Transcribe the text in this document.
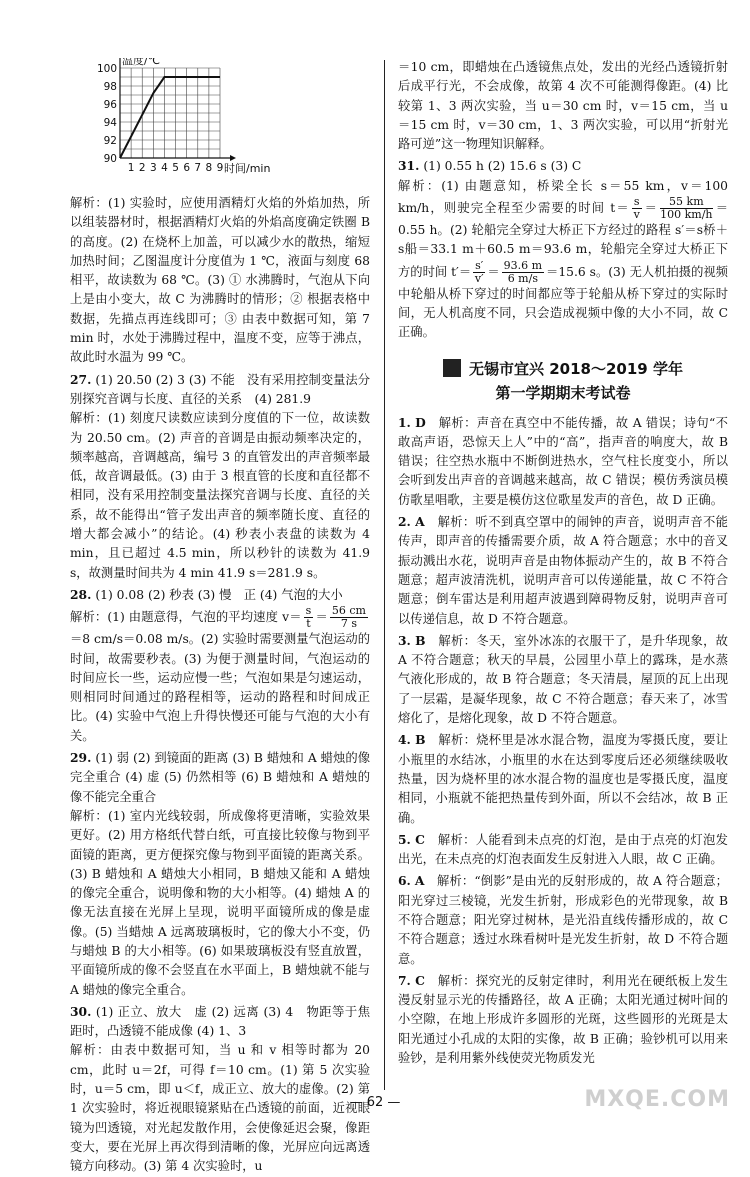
90
92
94
96
98
100
1 2 3 4 5 6 7 8 9
温度/℃
时间/min

解析：(1) 实验时，应使用酒精灯火焰的外焰加热，所以组装器材时，根据酒精灯火焰的外焰高度确定铁圈 B 的高度。(2) 在烧杯上加盖，可以减少水的散热，缩短加热时间；乙图温度计分度值为 1 ℃，液面与刻度 68 相平，故读数为 68 ℃。(3) ① 水沸腾时，气泡从下向上是由小变大，故 C 为沸腾时的情形；② 根据表格中数据，先描点再连线即可；③ 由表中数据可知，第 7 min 时，水处于沸腾过程中，温度不变，应等于沸点，故此时水温为 99 ℃。

27. (1) 20.50 (2) 3 (3) 不能　没有采用控制变量法分别探究音调与长度、直径的关系　(4) 281.9

解析：(1) 刻度尺读数应读到分度值的下一位，故读数为 20.50 cm。(2) 声音的音调是由振动频率决定的，频率越高，音调越高，编号 3 的直管发出的声音频率最低，故音调最低。(3) 由于 3 根直管的长度和直径都不相同，没有采用控制变量法探究音调与长度、直径的关系，故不能得出“管子发出声音的频率随长度、直径的增大都会减小”的结论。(4) 秒表小表盘的读数为 4 min，且已超过 4.5 min，所以秒针的读数为 41.9 s，故测量时间共为 4 min 41.9 s＝281.9 s。

28. (1) 0.08 (2) 秒表 (3) 慢　正 (4) 气泡的大小

解析：(1) 由题意得，气泡的平均速度 $v= \frac{s}{t} = \frac{56 cm}{7 s}$
＝8 cm/s＝0.08 m/s。(2) 实验时需要测量气泡运动的时间，故需要秒表。(3) 为便于测量时间，气泡运动的时间应长一些，运动应慢一些；气泡如果是匀速运动，则相同时间通过的路程相等，运动的路程和时间成正比。(4) 实验中气泡上升得快慢还可能与气泡的大小有关。

29. (1) 弱 (2) 到镜面的距离 (3) B 蜡烛和 A 蜡烛的像完全重合 (4) 虚 (5) 仍然相等 (6) B 蜡烛和 A 蜡烛的像不能完全重合

解析：(1) 室内光线较弱，所成像将更清晰，实验效果更好。(2) 用方格纸代替白纸，可直接比较像与物到平面镜的距离，更方便探究像与物到平面镜的距离关系。(3) B 蜡烛和 A 蜡烛大小相同，B 蜡烛又能和 A 蜡烛的像完全重合，说明像和物的大小相等。(4) 蜡烛 A 的像无法直接在光屏上呈现，说明平面镜所成的像是虚像。(5) 当蜡烛 A 远离玻璃板时，它的像大小不变，仍与蜡烛 B 的大小相等。(6) 如果玻璃板没有竖直放置，平面镜所成的像不会竖直在水平面上，B 蜡烛就不能与 A 蜡烛的像完全重合。

30. (1) 正立、放大　虚 (2) 远离 (3) 4　物距等于焦距时，凸透镜不能成像 (4) 1、3

解析：由表中数据可知，当 u 和 v 相等时都为 20 cm，此时 u＝2f，可得 f＝10 cm。(1) 第 5 次实验时，u＝5 cm，即 u＜f，成正立、放大的虚像。(2) 第 1 次实验时，将近视眼镜紧贴在凸透镜的前面，近视眼镜为凹透镜，对光起发散作用，会使像延迟会聚，像距变大，要在光屏上再次得到清晰的像，光屏应向远离透镜方向移动。(3) 第 4 次实验时，u

＝10 cm，即蜡烛在凸透镜焦点处，发出的光经凸透镜折射后成平行光，不会成像，故第 4 次不可能测得像距。(4) 比较第 1、3 两次实验，当 u＝30 cm 时，v＝15 cm，当 u＝15 cm 时，v＝30 cm，1、3 两次实验，可以用“折射光路可逆”这一物理知识解释。

31. (1) 0.55 h (2) 15.6 s (3) C

解析：(1) 由题意知，桥梁全长 s＝55 km，v＝100 km/h，则驶完全程至少需要的时间 $t= \frac{s}{v} = \frac{55 km}{100 km/h} =0.55$ h。(2) 轮船完全穿过大桥正下方经过的路程 s′＝s桥＋s船＝33.1 m＋60.5 m＝93.6 m，轮船完全穿过大桥正下方的时间 $t'= \frac{s'}{v'} = \frac{93.6 m}{6 m/s} =15.6$ s。(3) 无人机拍摄的视频中轮船从桥下穿过的时间都应等于轮船从桥下穿过的实际时间，无人机高度不同，只会造成视频中像的大小不同，故 C 正确。

无锡市宜兴 2018～2019 学年
第一学期期末考试卷

1. D　 解析：声音在真空中不能传播，故 A 错误；诗句“不敢高声语，恐惊天上人”中的“高”，指声音的响度大，故 B 错误；往空热水瓶中不断倒进热水，空气柱长度变小，所以会听到发出声音的音调越来越高，故 C 错误；模仿秀演员模仿歌星唱歌，主要是模仿这位歌星发声的音色，故 D 正确。

2. A　 解析：听不到真空罩中的闹钟的声音，说明声音不能传声，即声音的传播需要介质，故 A 符合题意；水中的音叉振动溅出水花，说明声音是由物体振动产生的，故 B 不符合题意；超声波清洗机，说明声音可以传递能量，故 C 不符合题意；倒车雷达是利用超声波遇到障碍物反射，说明声音可以传递信息，故 D 不符合题意。

3. B　 解析：冬天，室外冰冻的衣服干了，是升华现象，故 A 不符合题意；秋天的早晨，公园里小草上的露珠，是水蒸气液化形成的，故 B 符合题意；冬天清晨，屋顶的瓦上出现了一层霜，是凝华现象，故 C 不符合题意；春天来了，冰雪熔化了，是熔化现象，故 D 不符合题意。

4. B　 解析：烧杯里是冰水混合物，温度为零摄氏度，要让小瓶里的水结冰，小瓶里的水在达到零度后还必须继续吸收热量，因为烧杯里的冰水混合物的温度也是零摄氏度，温度相同，小瓶就不能把热量传到外面，所以不会结冰，故 B 正确。

5. C　 解析：人能看到未点亮的灯泡，是由于点亮的灯泡发出光，在未点亮的灯泡表面发生反射进入人眼，故 C 正确。

6. A　 解析：“倒影”是由光的反射形成的，故 A 符合题意；阳光穿过三棱镜，光发生折射，形成彩色的光带现象，故 B 不符合题意；阳光穿过树林，是光沿直线传播形成的，故 C 不符合题意；透过水珠看树叶是光发生折射，故 D 不符合题意。

7. C　 解析：探究光的反射定律时，利用光在硬纸板上发生漫反射显示光的传播路径，故 A 正确；太阳光通过树叶间的小空隙，在地上形成许多圆形的光斑，这些圆形的光斑是太阳光通过小孔成的太阳的实像，故 B 正确；验钞机可以用来验钞，是利用紫外线使荧光物质发光

— 62 —	MXQE.COM
